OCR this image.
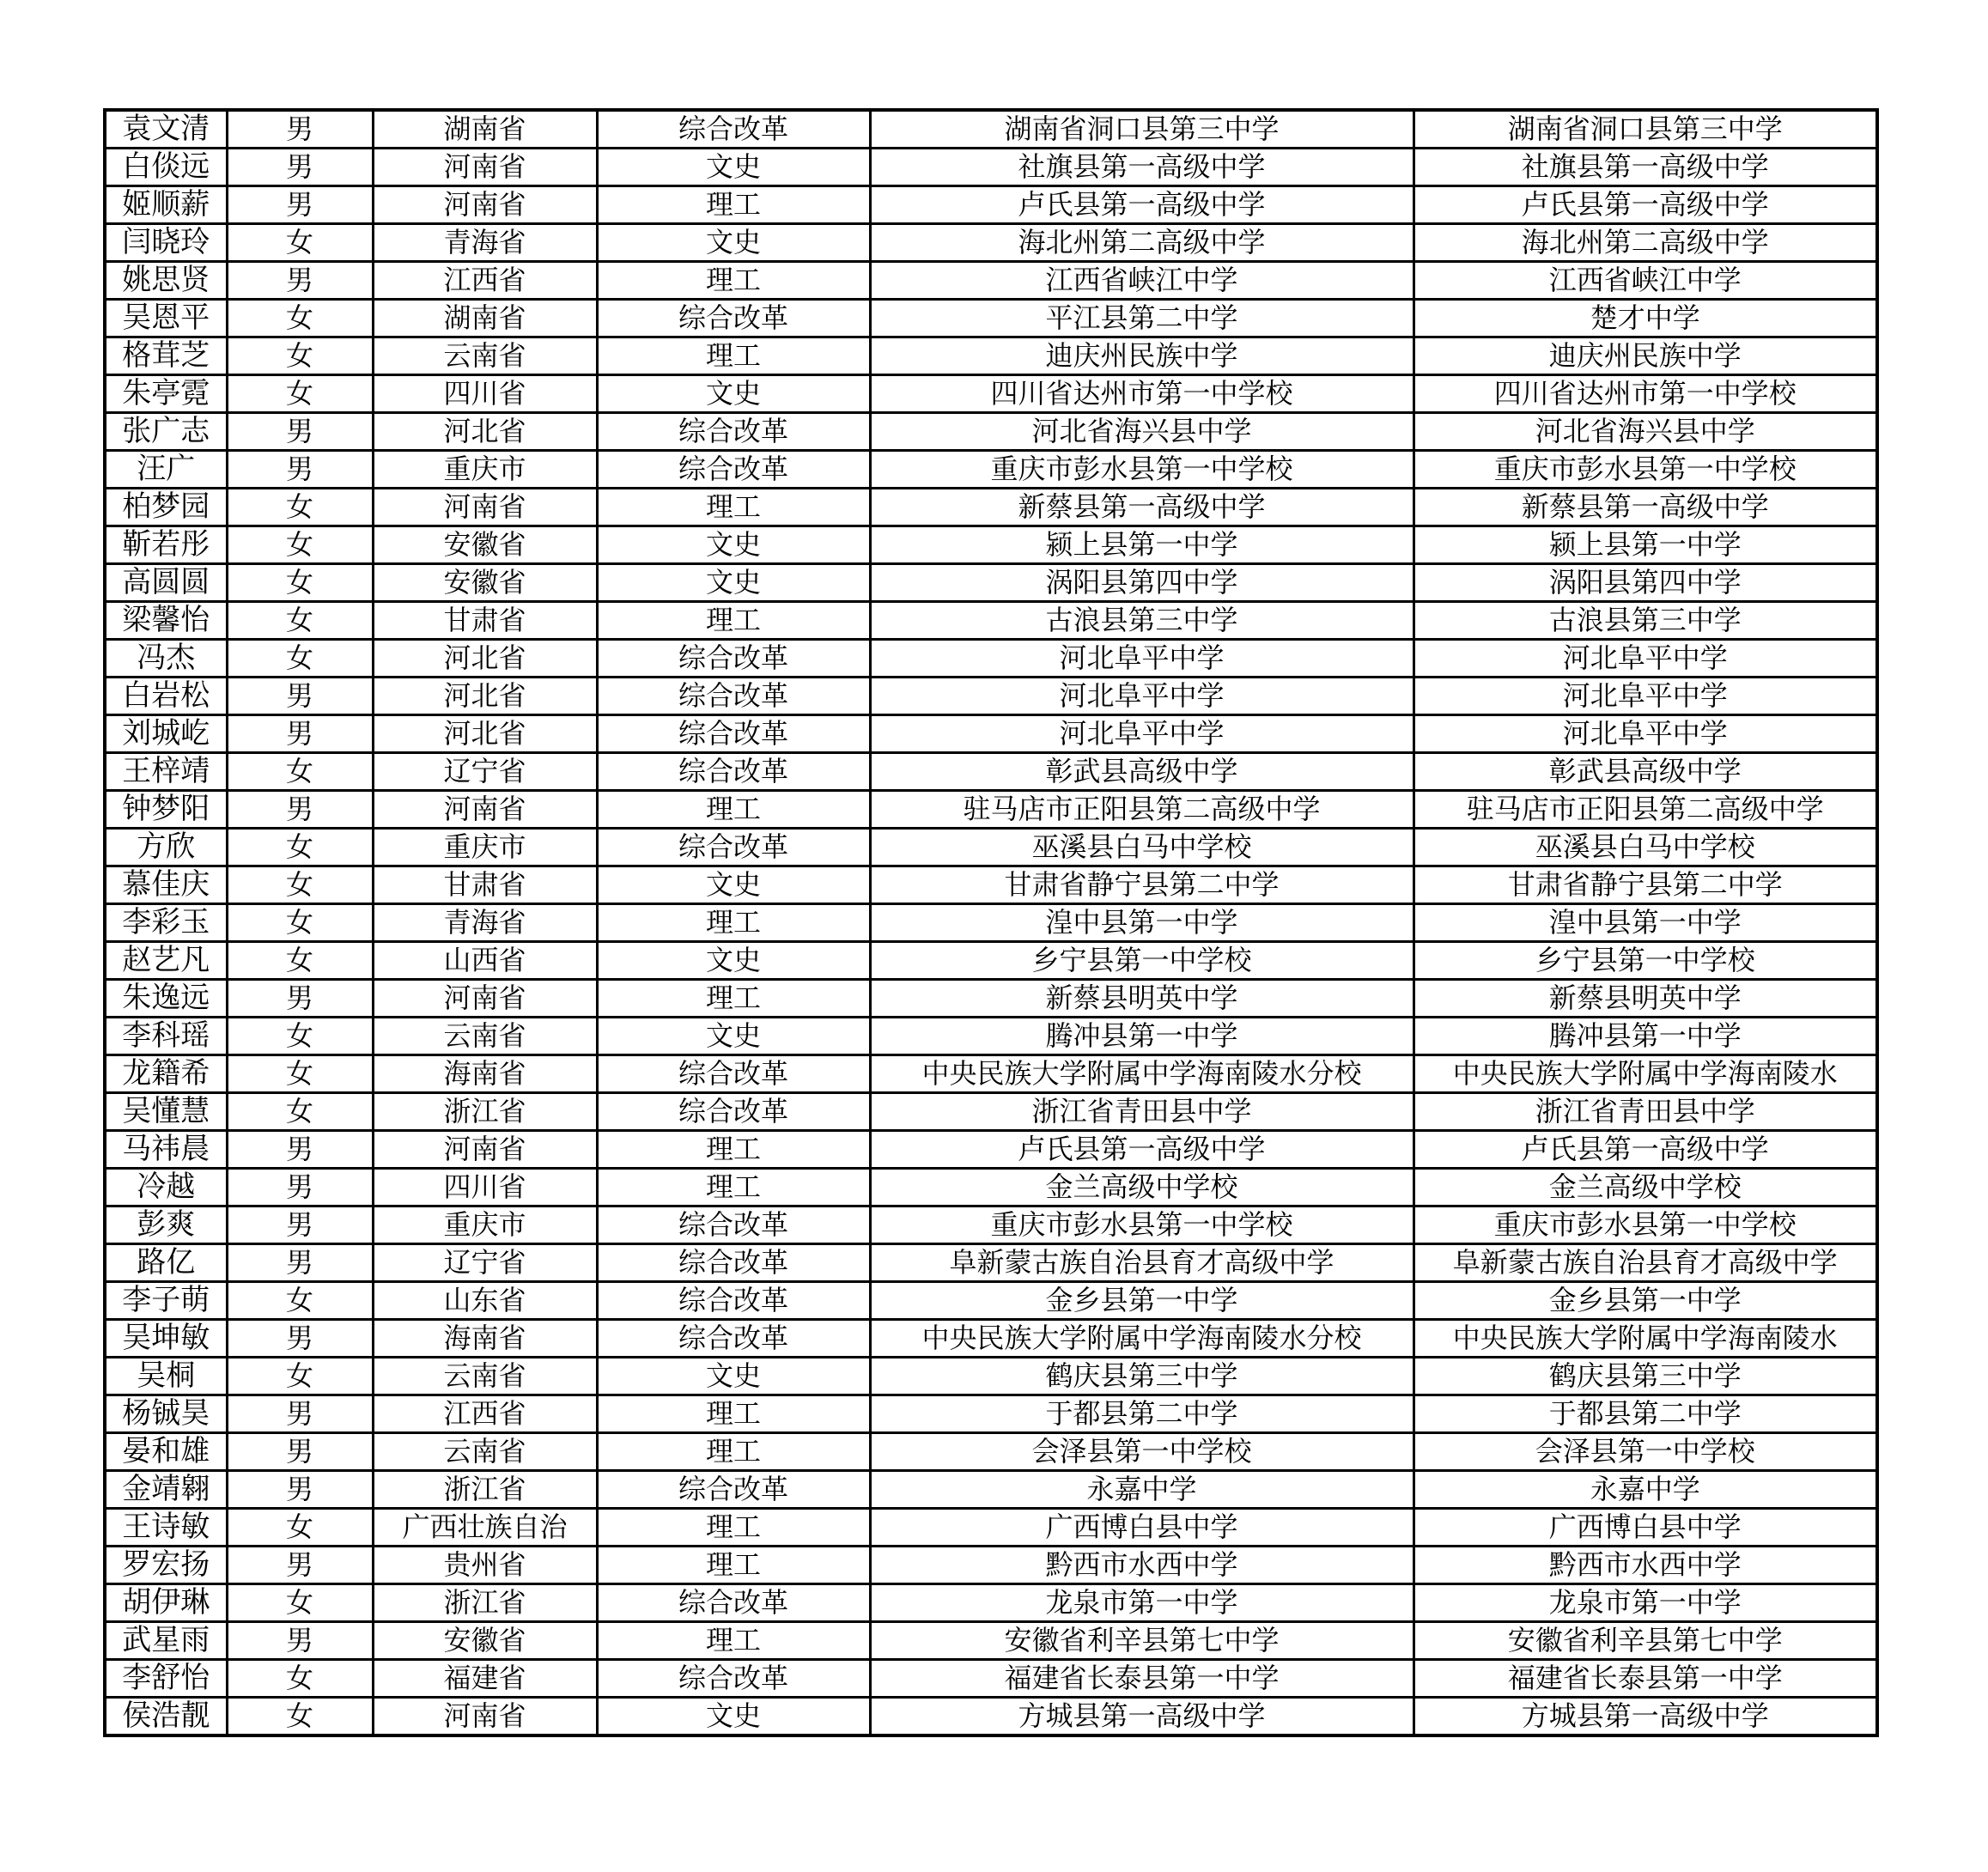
袁文清	男	湖南省	综合改革	湖南省洞口县第三中学	湖南省洞口县第三中学
白倓远	男	河南省	文史	社旗县第一高级中学	社旗县第一高级中学
姬顺薪	男	河南省	理工	卢氏县第一高级中学	卢氏县第一高级中学
闫晓玲	女	青海省	文史	海北州第二高级中学	海北州第二高级中学
姚思贤	男	江西省	理工	江西省峡江中学	江西省峡江中学
吴恩平	女	湖南省	综合改革	平江县第二中学	楚才中学
格茸芝	女	云南省	理工	迪庆州民族中学	迪庆州民族中学
朱亭霓	女	四川省	文史	四川省达州市第一中学校	四川省达州市第一中学校
张广志	男	河北省	综合改革	河北省海兴县中学	河北省海兴县中学
汪广	男	重庆市	综合改革	重庆市彭水县第一中学校	重庆市彭水县第一中学校
柏梦园	女	河南省	理工	新蔡县第一高级中学	新蔡县第一高级中学
靳若彤	女	安徽省	文史	颍上县第一中学	颍上县第一中学
高圆圆	女	安徽省	文史	涡阳县第四中学	涡阳县第四中学
梁馨怡	女	甘肃省	理工	古浪县第三中学	古浪县第三中学
冯杰	女	河北省	综合改革	河北阜平中学	河北阜平中学
白岩松	男	河北省	综合改革	河北阜平中学	河北阜平中学
刘城屹	男	河北省	综合改革	河北阜平中学	河北阜平中学
王梓靖	女	辽宁省	综合改革	彰武县高级中学	彰武县高级中学
钟梦阳	男	河南省	理工	驻马店市正阳县第二高级中学	驻马店市正阳县第二高级中学
方欣	女	重庆市	综合改革	巫溪县白马中学校	巫溪县白马中学校
慕佳庆	女	甘肃省	文史	甘肃省静宁县第二中学	甘肃省静宁县第二中学
李彩玉	女	青海省	理工	湟中县第一中学	湟中县第一中学
赵艺凡	女	山西省	文史	乡宁县第一中学校	乡宁县第一中学校
朱逸远	男	河南省	理工	新蔡县明英中学	新蔡县明英中学
李科瑶	女	云南省	文史	腾冲县第一中学	腾冲县第一中学
龙籍希	女	海南省	综合改革	中央民族大学附属中学海南陵水分校	中央民族大学附属中学海南陵水
吴懂慧	女	浙江省	综合改革	浙江省青田县中学	浙江省青田县中学
马祎晨	男	河南省	理工	卢氏县第一高级中学	卢氏县第一高级中学
冷越	男	四川省	理工	金兰高级中学校	金兰高级中学校
彭爽	男	重庆市	综合改革	重庆市彭水县第一中学校	重庆市彭水县第一中学校
路亿	男	辽宁省	综合改革	阜新蒙古族自治县育才高级中学	阜新蒙古族自治县育才高级中学
李子萌	女	山东省	综合改革	金乡县第一中学	金乡县第一中学
吴坤敏	男	海南省	综合改革	中央民族大学附属中学海南陵水分校	中央民族大学附属中学海南陵水
吴桐	女	云南省	文史	鹤庆县第三中学	鹤庆县第三中学
杨铖昊	男	江西省	理工	于都县第二中学	于都县第二中学
晏和雄	男	云南省	理工	会泽县第一中学校	会泽县第一中学校
金靖翱	男	浙江省	综合改革	永嘉中学	永嘉中学
王诗敏	女	广西壮族自治	理工	广西博白县中学	广西博白县中学
罗宏扬	男	贵州省	理工	黔西市水西中学	黔西市水西中学
胡伊琳	女	浙江省	综合改革	龙泉市第一中学	龙泉市第一中学
武星雨	男	安徽省	理工	安徽省利辛县第七中学	安徽省利辛县第七中学
李舒怡	女	福建省	综合改革	福建省长泰县第一中学	福建省长泰县第一中学
侯浩靓	女	河南省	文史	方城县第一高级中学	方城县第一高级中学
